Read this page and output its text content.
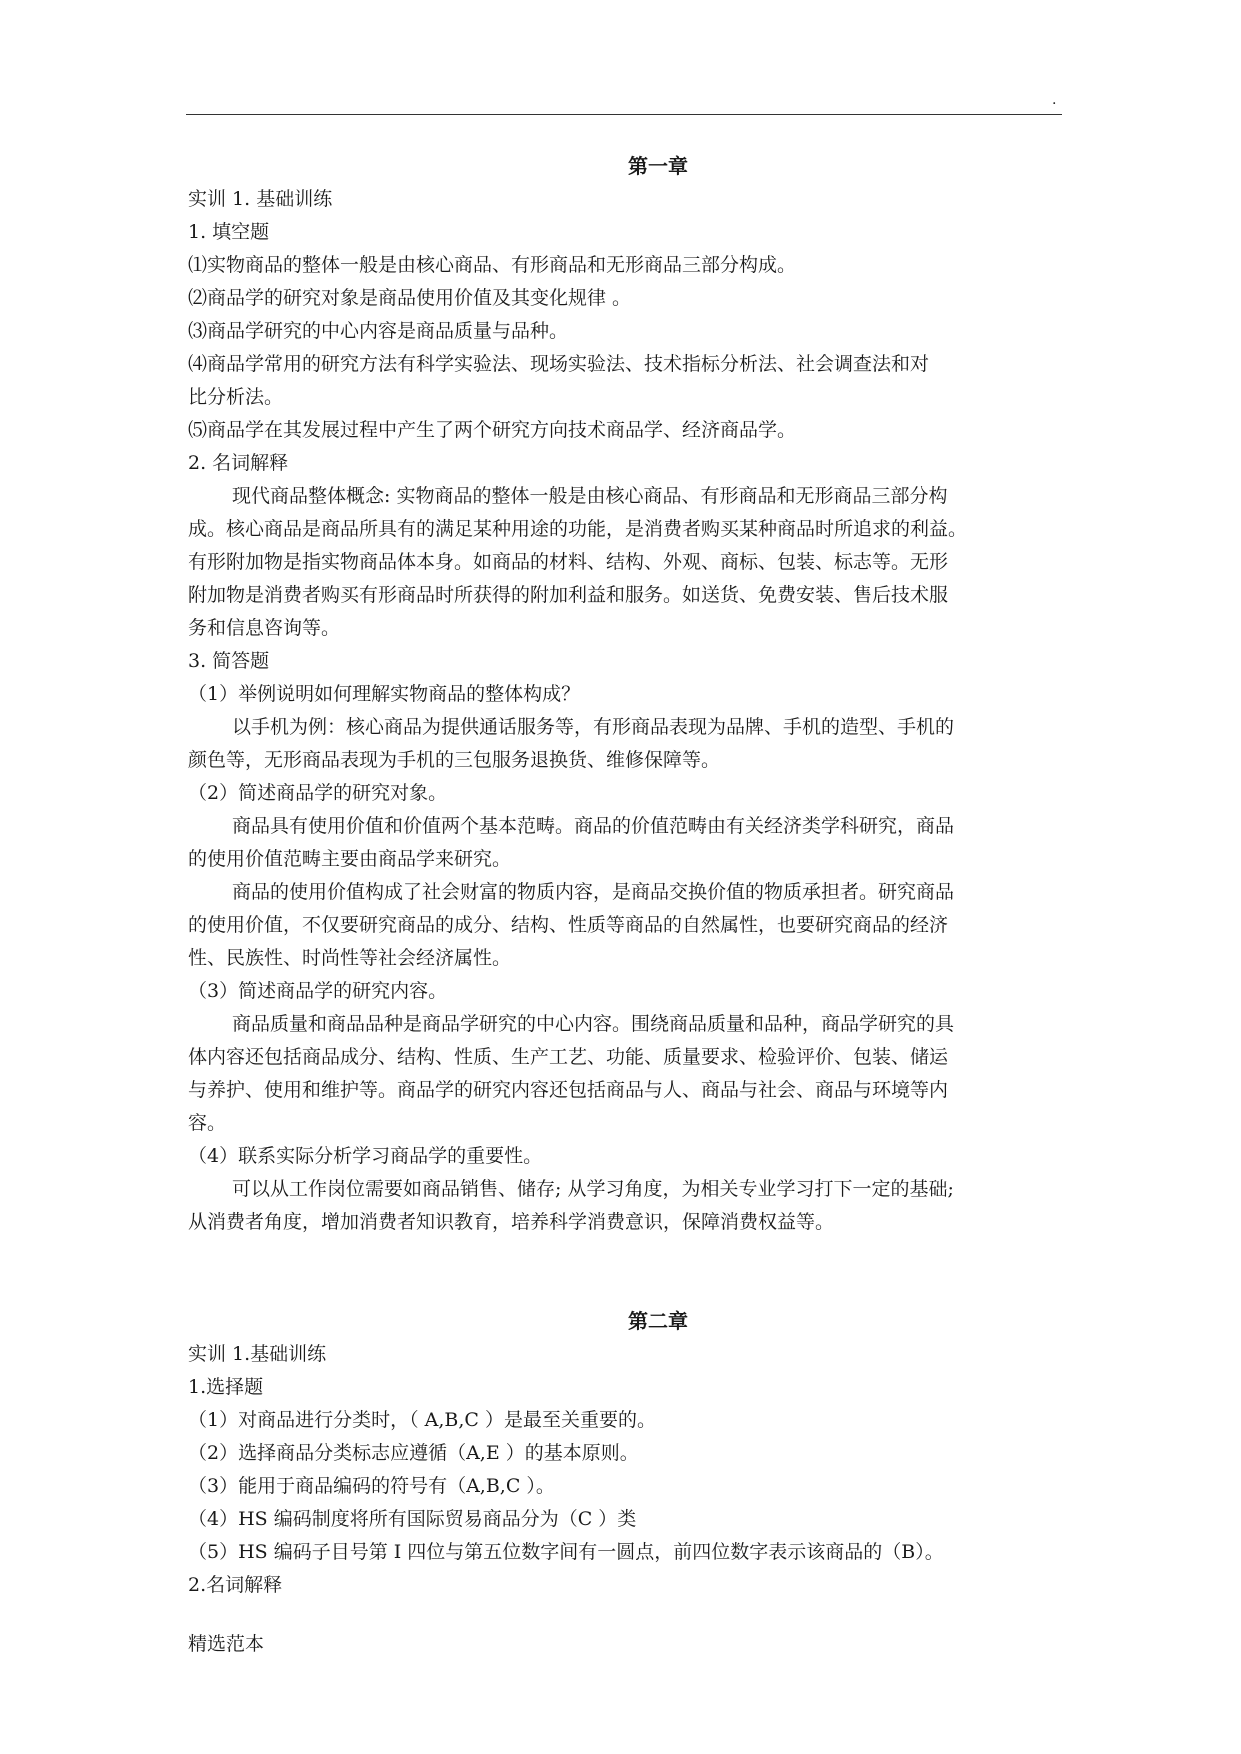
.
第一章
实训 1. 基础训练
1. 填空题
⑴实物商品的整体一般是由核心商品、有形商品和无形商品三部分构成。
⑵商品学的研究对象是商品使用价值及其变化规律 。
⑶商品学研究的中心内容是商品质量与品种。
⑷商品学常用的研究方法有科学实验法、现场实验法、技术指标分析法、社会调查法和对
比分析法。
⑸商品学在其发展过程中产生了两个研究方向技术商品学、经济商品学。
2. 名词解释
现代商品整体概念: 实物商品的整体一般是由核心商品、有形商品和无形商品三部分构
成。核心商品是商品所具有的满足某种用途的功能，是消费者购买某种商品时所追求的利益。
有形附加物是指实物商品体本身。如商品的材料、结构、外观、商标、包装、标志等。无形
附加物是消费者购买有形商品时所获得的附加利益和服务。如送货、免费安装、售后技术服
务和信息咨询等。
3. 简答题
（1）举例说明如何理解实物商品的整体构成？
以手机为例：核心商品为提供通话服务等，有形商品表现为品牌、手机的造型、手机的
颜色等，无形商品表现为手机的三包服务退换货、维修保障等。
（2）简述商品学的研究对象。
商品具有使用价值和价值两个基本范畴。商品的价值范畴由有关经济类学科研究，商品
的使用价值范畴主要由商品学来研究。
商品的使用价值构成了社会财富的物质内容，是商品交换价值的物质承担者。研究商品
的使用价值，不仅要研究商品的成分、结构、性质等商品的自然属性，也要研究商品的经济
性、民族性、时尚性等社会经济属性。
（3）简述商品学的研究内容。
商品质量和商品品种是商品学研究的中心内容。围绕商品质量和品种，商品学研究的具
体内容还包括商品成分、结构、性质、生产工艺、功能、质量要求、检验评价、包装、储运
与养护、使用和维护等。商品学的研究内容还包括商品与人、商品与社会、商品与环境等内
容。
（4）联系实际分析学习商品学的重要性。
可以从工作岗位需要如商品销售、储存; 从学习角度，为相关专业学习打下一定的基础;
从消费者角度，增加消费者知识教育，培养科学消费意识，保障消费权益等。
第二章
实训 1.基础训练
1.选择题
（1）对商品进行分类时，（ A,B,C ）是最至关重要的。
（2）选择商品分类标志应遵循（A,E ）的基本原则。
（3）能用于商品编码的符号有（A,B,C ）。
（4）HS 编码制度将所有国际贸易商品分为（C ）类
（5）HS 编码子目号第 I 四位与第五位数字间有一圆点，前四位数字表示该商品的（B）。
2.名词解释
精选范本
